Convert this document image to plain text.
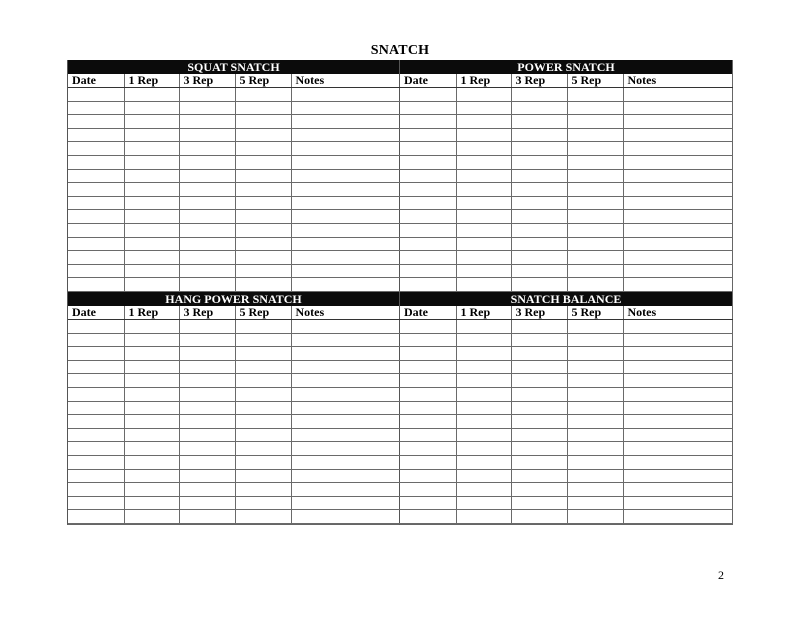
SNATCH
SQUAT SNATCH
Date	1 Rep	3 Rep	5 Rep	Notes

POWER SNATCH
Date	1 Rep	3 Rep	5 Rep	Notes

HANG POWER SNATCH
Date	1 Rep	3 Rep	5 Rep	Notes

SNATCH BALANCE
Date	1 Rep	3 Rep	5 Rep	Notes

2
